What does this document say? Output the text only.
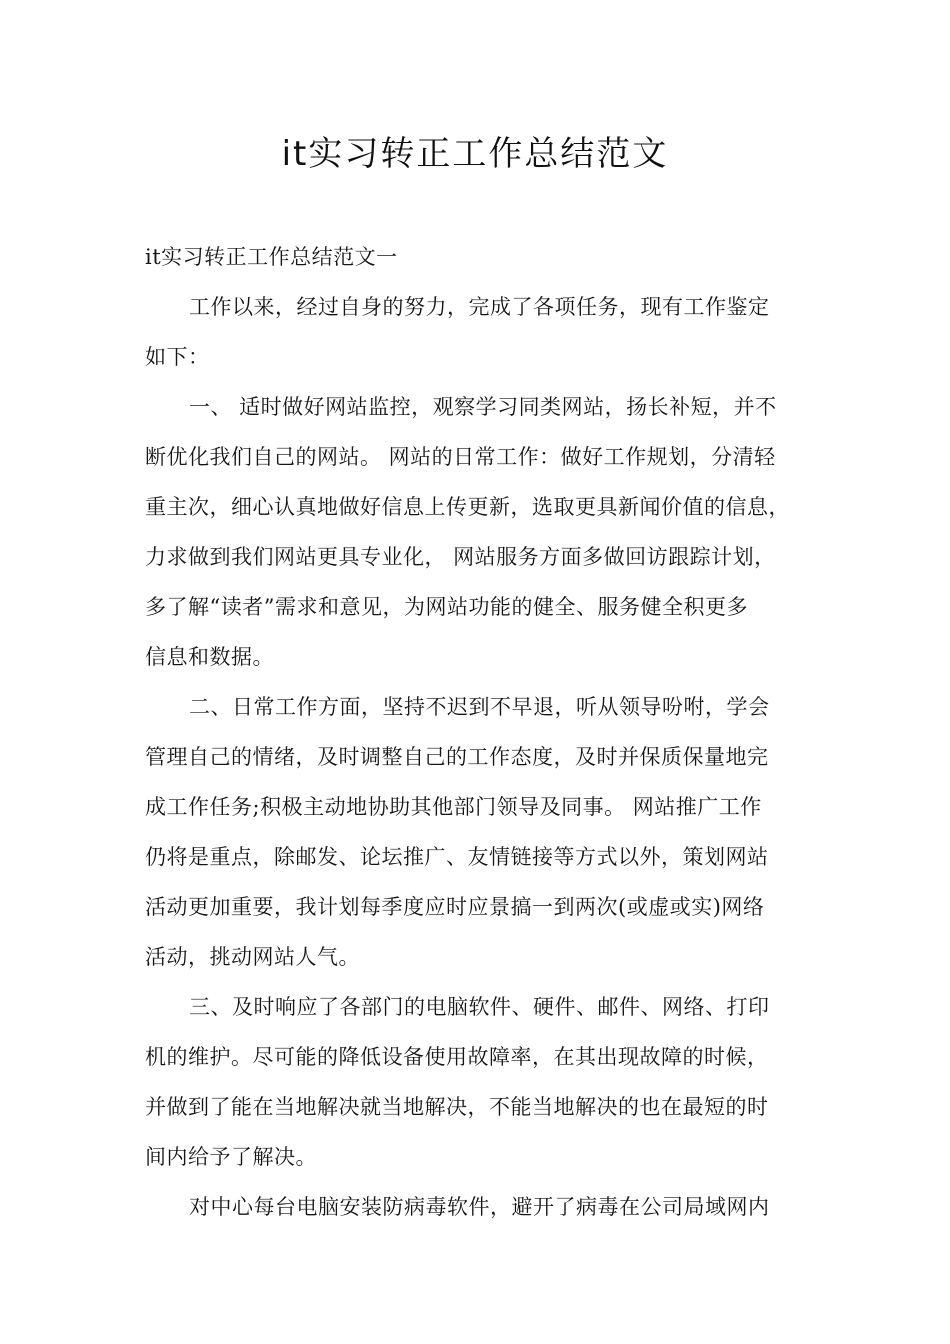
it实习转正工作总结范文

it实习转正工作总结范文一

工作以来，经过自身的努力，完成了各项任务，现有工作鉴定
如下：

一、 适时做好网站监控，观察学习同类网站，扬长补短，并不
断优化我们自己的网站。 网站的日常工作：做好工作规划，分清轻
重主次，细心认真地做好信息上传更新，选取更具新闻价值的信息，
力求做到我们网站更具专业化， 网站服务方面多做回访跟踪计划，
多了解“读者”需求和意见，为网站功能的健全、服务健全积更多
信息和数据。

二、日常工作方面，坚持不迟到不早退，听从领导吩咐，学会
管理自己的情绪，及时调整自己的工作态度，及时并保质保量地完
成工作任务;积极主动地协助其他部门领导及同事。 网站推广工作
仍将是重点，除邮发、论坛推广、友情链接等方式以外，策划网站
活动更加重要，我计划每季度应时应景搞一到两次(或虚或实)网络
活动，挑动网站人气。

三、及时响应了各部门的电脑软件、硬件、邮件、网络、打印
机的维护。尽可能的降低设备使用故障率，在其出现故障的时候，
并做到了能在当地解决就当地解决，不能当地解决的也在最短的时
间内给予了解决。

对中心每台电脑安装防病毒软件，避开了病毒在公司局域网内
